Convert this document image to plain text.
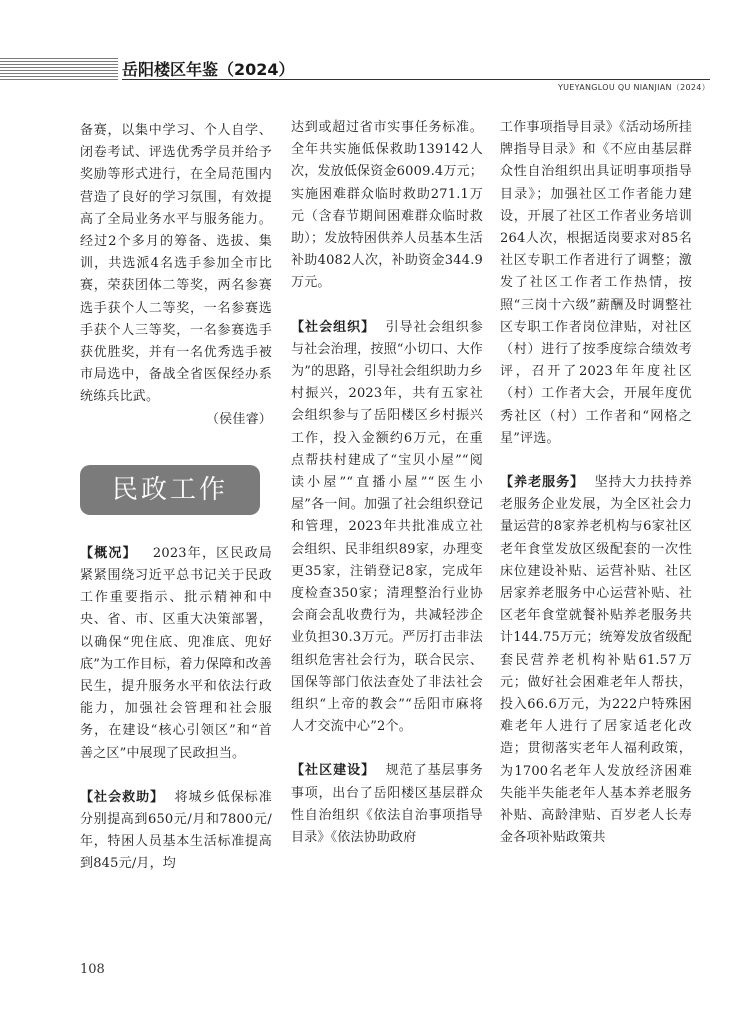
岳阳楼区年鉴（2024）
YUEYANGLOU QU NIANJIAN（2024）

备赛，以集中学习、个人自学、闭卷考试、评选优秀学员并给予奖励等形式进行，在全局范围内营造了良好的学习氛围，有效提高了全局业务水平与服务能力。经过2个多月的筹备、选拔、集训，共选派4名选手参加全市比赛，荣获团体二等奖，两名参赛选手获个人二等奖，一名参赛选手获个人三等奖，一名参赛选手获优胜奖，并有一名优秀选手被市局选中，备战全省医保经办系统练兵比武。

（侯佳睿）

民政工作

【概况】 2023年，区民政局紧紧围绕习近平总书记关于民政工作重要指示、批示精神和中央、省、市、区重大决策部署，以确保“兜住底、兜准底、兜好底”为工作目标，着力保障和改善民生，提升服务水平和依法行政能力，加强社会管理和社会服务，在建设“核心引领区”和“首善之区”中展现了民政担当。

【社会救助】 将城乡低保标准分别提高到650元/月和7800元/年，特困人员基本生活标准提高到845元/月，均

达到或超过省市实事任务标准。全年共实施低保救助139142人次，发放低保资金6009.4万元；实施困难群众临时救助271.1万元（含春节期间困难群众临时救助）；发放特困供养人员基本生活补助4082人次，补助资金344.9万元。

【社会组织】 引导社会组织参与社会治理，按照“小切口、大作为”的思路，引导社会组织助力乡村振兴，2023年，共有五家社会组织参与了岳阳楼区乡村振兴工作，投入金额约6万元，在重点帮扶村建成了“宝贝小屋”“阅读小屋”“直播小屋”“医生小屋”各一间。加强了社会组织登记和管理，2023年共批准成立社会组织、民非组织89家，办理变更35家，注销登记8家，完成年度检查350家；清理整治行业协会商会乱收费行为，共减轻涉企业负担30.3万元。严厉打击非法组织危害社会行为，联合民宗、国保等部门依法查处了非法社会组织“上帝的教会”“岳阳市麻将人才交流中心”2个。

【社区建设】 规范了基层事务事项，出台了岳阳楼区基层群众性自治组织《依法自治事项指导目录》《依法协助政府

工作事项指导目录》《活动场所挂牌指导目录》和《不应由基层群众性自治组织出具证明事项指导目录》；加强社区工作者能力建设，开展了社区工作者业务培训264人次，根据适岗要求对85名社区专职工作者进行了调整；激发了社区工作者工作热情，按照“三岗十六级”薪酬及时调整社区专职工作者岗位津贴，对社区（村）进行了按季度综合绩效考评，召开了2023年年度社区（村）工作者大会，开展年度优秀社区（村）工作者和“网格之星”评选。

【养老服务】 坚持大力扶持养老服务企业发展，为全区社会力量运营的8家养老机构与6家社区老年食堂发放区级配套的一次性床位建设补贴、运营补贴、社区居家养老服务中心运营补贴、社区老年食堂就餐补贴养老服务共计144.75万元；统筹发放省级配套民营养老机构补贴61.57万元；做好社会困难老年人帮扶，投入66.6万元，为222户特殊困难老年人进行了居家适老化改造；贯彻落实老年人福利政策，为1700名老年人发放经济困难失能半失能老年人基本养老服务补贴、高龄津贴、百岁老人长寿金各项补贴政策共

108
